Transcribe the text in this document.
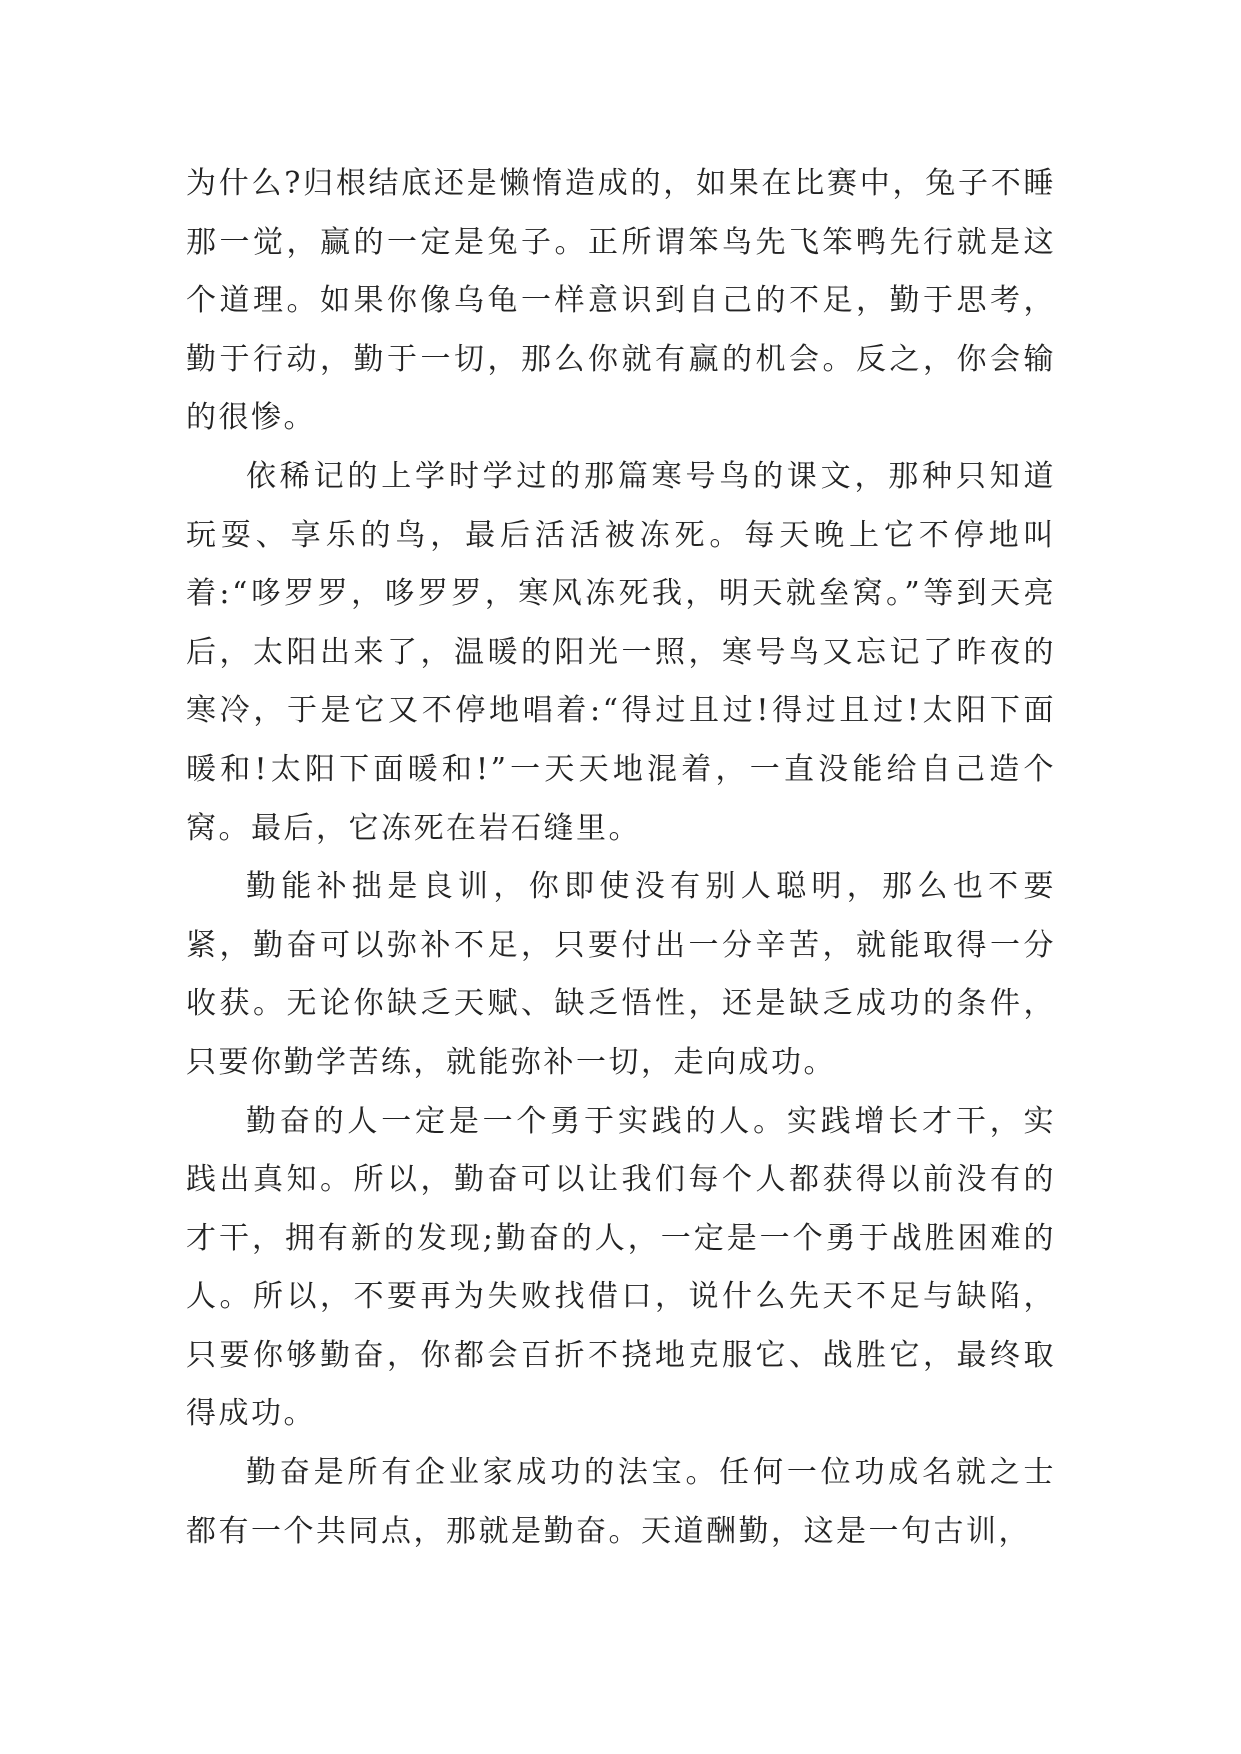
为什么?归根结底还是懒惰造成的，如果在比赛中，兔子不睡那一觉，赢的一定是兔子。正所谓笨鸟先飞笨鸭先行就是这个道理。如果你像乌龟一样意识到自己的不足，勤于思考，勤于行动，勤于一切，那么你就有赢的机会。反之，你会输的很惨。

依稀记的上学时学过的那篇寒号鸟的课文，那种只知道玩耍、享乐的鸟，最后活活被冻死。每天晚上它不停地叫着:“哆罗罗，哆罗罗，寒风冻死我，明天就垒窝。”等到天亮后，太阳出来了，温暖的阳光一照，寒号鸟又忘记了昨夜的寒冷，于是它又不停地唱着:“得过且过!得过且过!太阳下面暖和!太阳下面暖和!”一天天地混着，一直没能给自己造个窝。最后，它冻死在岩石缝里。

勤能补拙是良训，你即使没有别人聪明，那么也不要紧，勤奋可以弥补不足，只要付出一分辛苦，就能取得一分收获。无论你缺乏天赋、缺乏悟性，还是缺乏成功的条件，只要你勤学苦练，就能弥补一切，走向成功。

勤奋的人一定是一个勇于实践的人。实践增长才干，实践出真知。所以，勤奋可以让我们每个人都获得以前没有的才干，拥有新的发现;勤奋的人，一定是一个勇于战胜困难的人。所以，不要再为失败找借口，说什么先天不足与缺陷，只要你够勤奋，你都会百折不挠地克服它、战胜它，最终取得成功。

勤奋是所有企业家成功的法宝。任何一位功成名就之士都有一个共同点，那就是勤奋。天道酬勤，这是一句古训，
